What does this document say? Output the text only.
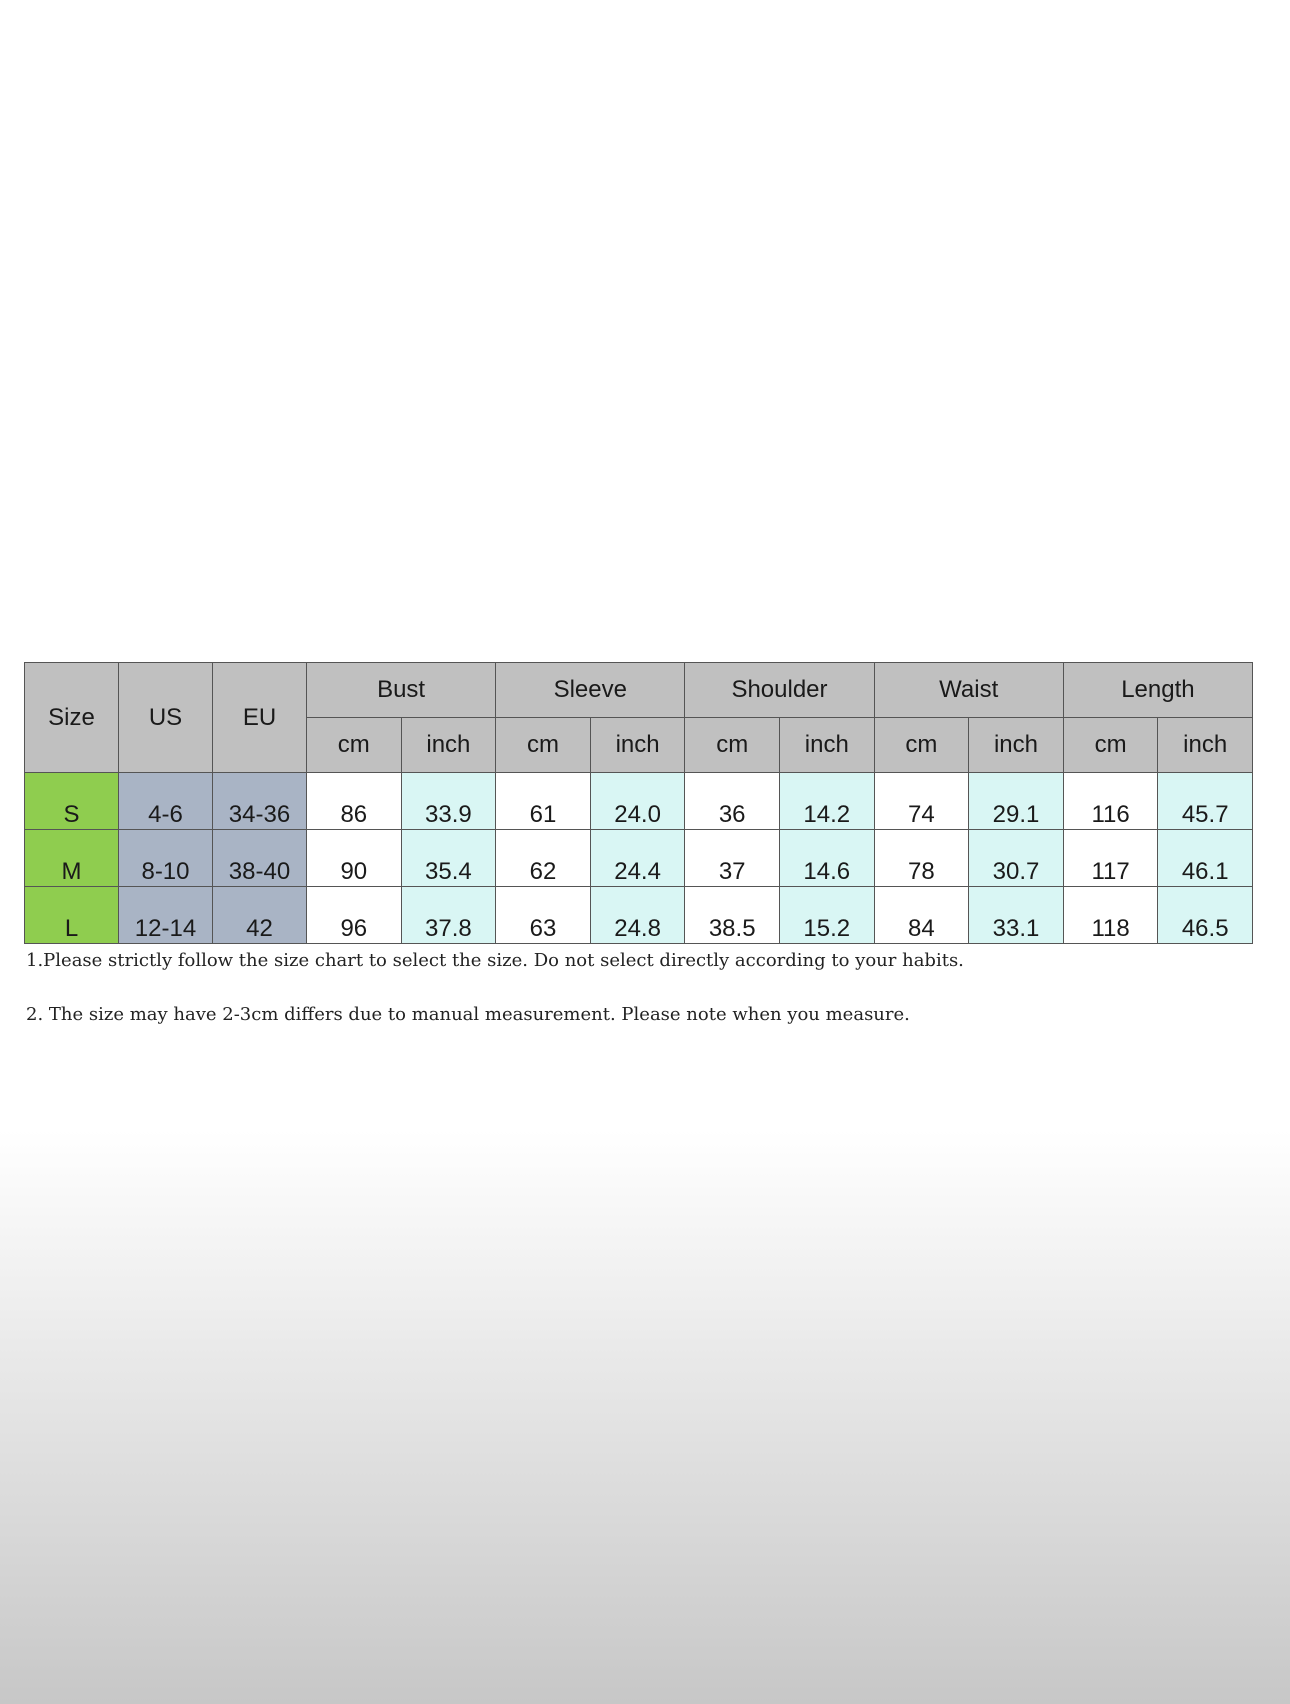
Size	US	EU	Bust		Sleeve		Shoulder		Waist		Length	
			cm	inch	cm	inch	cm	inch	cm	inch	cm	inch
S	4-6	34-36	86	33.9	61	24.0	36	14.2	74	29.1	116	45.7
M	8-10	38-40	90	35.4	62	24.4	37	14.6	78	30.7	117	46.1
L	12-14	42	96	37.8	63	24.8	38.5	15.2	84	33.1	118	46.5
1.Please strictly follow the size chart to select the size. Do not select directly according to your habits.
2. The size may have 2-3cm differs due to manual measurement. Please note when you measure.
